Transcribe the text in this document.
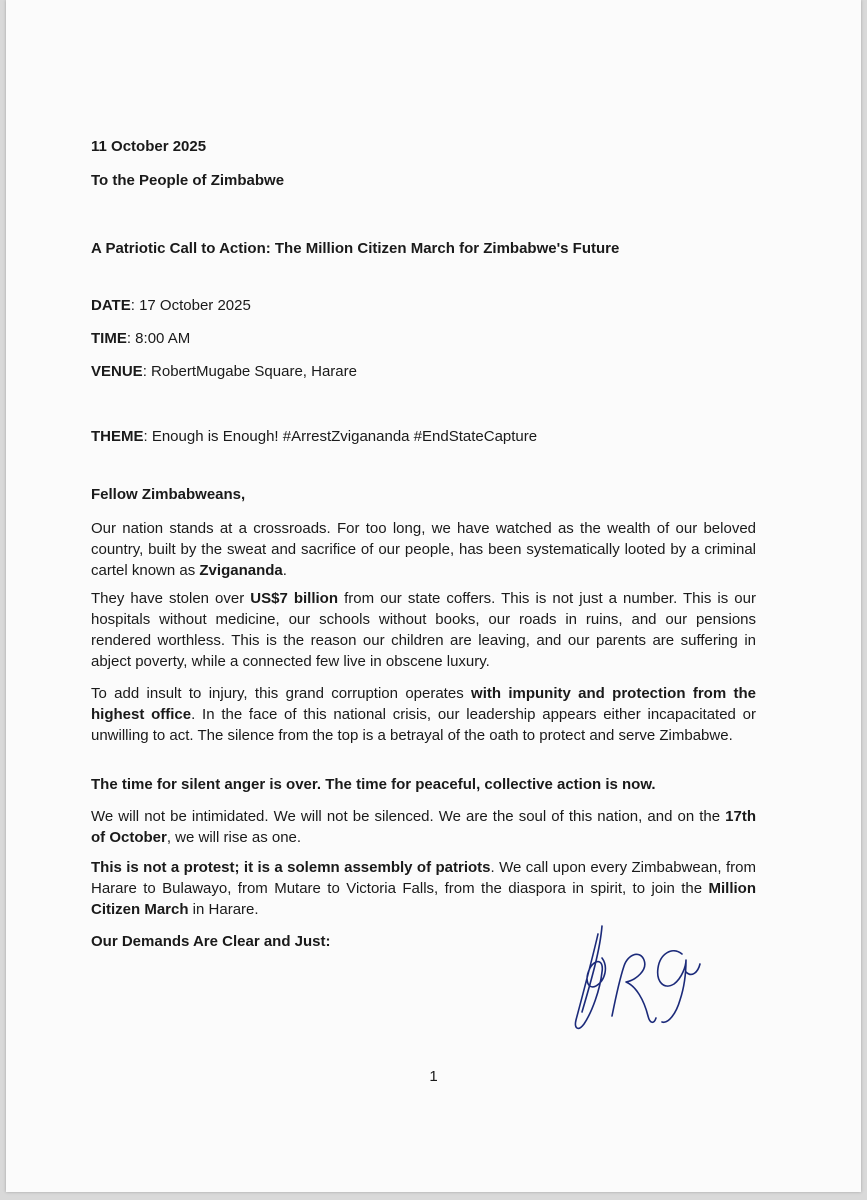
11 October 2025

To the People of Zimbabwe

A Patriotic Call to Action: The Million Citizen March for Zimbabwe's Future

DATE: 17 October 2025

TIME: 8:00 AM

VENUE: RobertMugabe Square, Harare

THEME: Enough is Enough! #ArrestZvigananda #EndStateCapture

Fellow Zimbabweans,

Our nation stands at a crossroads. For too long, we have watched as the wealth of our beloved country, built by the sweat and sacrifice of our people, has been systematically looted by a criminal cartel known as Zvigananda.

They have stolen over US$7 billion from our state coffers. This is not just a number. This is our hospitals without medicine, our schools without books, our roads in ruins, and our pensions rendered worthless. This is the reason our children are leaving, and our parents are suffering in abject poverty, while a connected few live in obscene luxury.

To add insult to injury, this grand corruption operates with impunity and protection from the highest office. In the face of this national crisis, our leadership appears either incapacitated or unwilling to act. The silence from the top is a betrayal of the oath to protect and serve Zimbabwe.

The time for silent anger is over. The time for peaceful, collective action is now.

We will not be intimidated. We will not be silenced. We are the soul of this nation, and on the 17th of October, we will rise as one.

This is not a protest; it is a solemn assembly of patriots. We call upon every Zimbabwean, from Harare to Bulawayo, from Mutare to Victoria Falls, from the diaspora in spirit, to join the Million Citizen March in Harare.

Our Demands Are Clear and Just:

1
